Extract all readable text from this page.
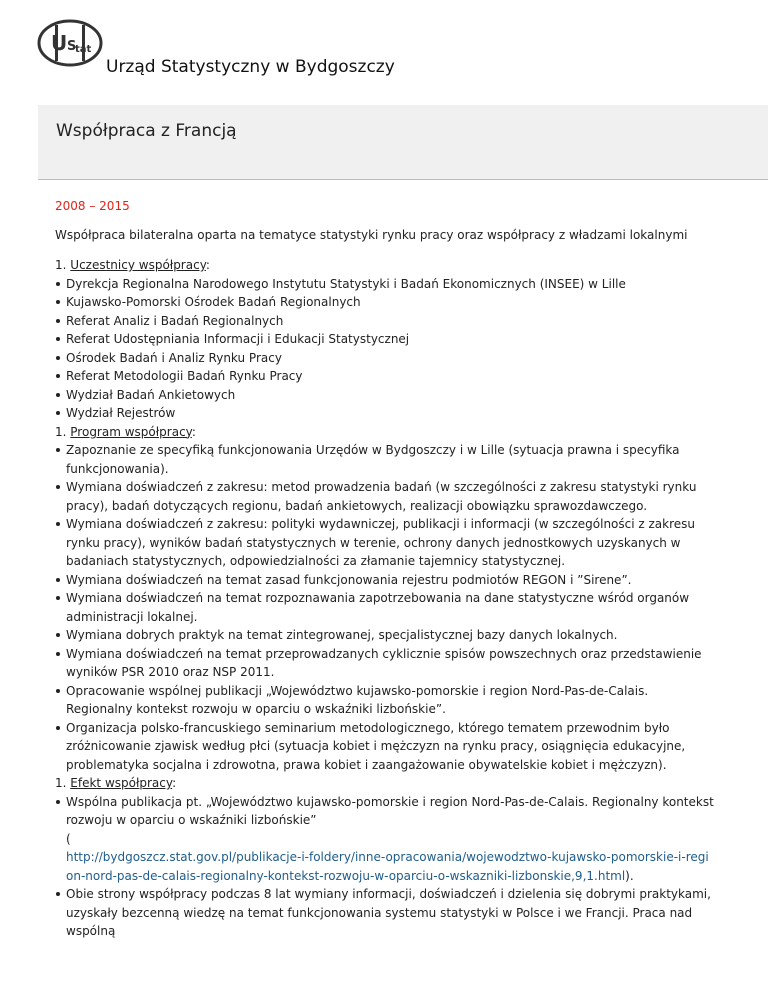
U S
tat
Urząd Statystyczny w Bydgoszczy
Współpraca z Francją

2008 – 2015

Współpraca bilateralna oparta na tematyce statystyki rynku pracy oraz współpracy z władzami lokalnymi

1. Uczestnicy współpracy:

Dyrekcja Regionalna Narodowego Instytutu Statystyki i Badań Ekonomicznych (INSEE) w Lille
Kujawsko-Pomorski Ośrodek Badań Regionalnych
Referat Analiz i Badań Regionalnych
Referat Udostępniania Informacji i Edukacji Statystycznej
Ośrodek Badań i Analiz Rynku Pracy
Referat Metodologii Badań Rynku Pracy
Wydział Badań Ankietowych
Wydział Rejestrów

1. Program współpracy:

Zapoznanie ze specyfiką funkcjonowania Urzędów w Bydgoszczy i w Lille (sytuacja prawna i specyfika funkcjonowania).
Wymiana doświadczeń z zakresu: metod prowadzenia badań (w szczególności z zakresu statystyki rynku pracy), badań dotyczących regionu, badań ankietowych, realizacji obowiązku sprawozdawczego.
Wymiana doświadczeń z zakresu: polityki wydawniczej, publikacji i informacji (w szczególności z zakresu rynku pracy), wyników badań statystycznych w terenie, ochrony danych jednostkowych uzyskanych w badaniach statystycznych, odpowiedzialności za złamanie tajemnicy statystycznej.
Wymiana doświadczeń na temat zasad funkcjonowania rejestru podmiotów REGON i ”Sirene”.
Wymiana doświadczeń na temat rozpoznawania zapotrzebowania na dane statystyczne wśród organów administracji lokalnej.
Wymiana dobrych praktyk na temat zintegrowanej, specjalistycznej bazy danych lokalnych.
Wymiana doświadczeń na temat przeprowadzanych cyklicznie spisów powszechnych oraz przedstawienie wyników PSR 2010 oraz NSP 2011.
Opracowanie wspólnej publikacji „Województwo kujawsko-pomorskie i region Nord-Pas-de-Calais. Regionalny kontekst rozwoju w oparciu o wskaźniki lizbońskie”.
Organizacja polsko-francuskiego seminarium metodologicznego, którego tematem przewodnim było zróżnicowanie zjawisk według płci (sytuacja kobiet i mężczyzn na rynku pracy, osiągnięcia edukacyjne, problematyka socjalna i zdrowotna, prawa kobiet i zaangażowanie obywatelskie kobiet i mężczyzn).

1. Efekt współpracy:

Wspólna publikacja pt. „Województwo kujawsko-pomorskie i region Nord-Pas-de-Calais. Regionalny kontekst rozwoju w oparciu o wskaźniki lizbońskie”
(
http://bydgoszcz.stat.gov.pl/publikacje-i-foldery/inne-opracowania/wojewodztwo-kujawsko-pomorskie-i-region-nord-pas-de-calais-regionalny-kontekst-rozwoju-w-oparciu-o-wskazniki-lizbonskie,9,1.html).
Obie strony współpracy podczas 8 lat wymiany informacji, doświadczeń i dzielenia się dobrymi praktykami, uzyskały bezcenną wiedzę na temat funkcjonowania systemu statystyki w Polsce i we Francji. Praca nad wspólną
